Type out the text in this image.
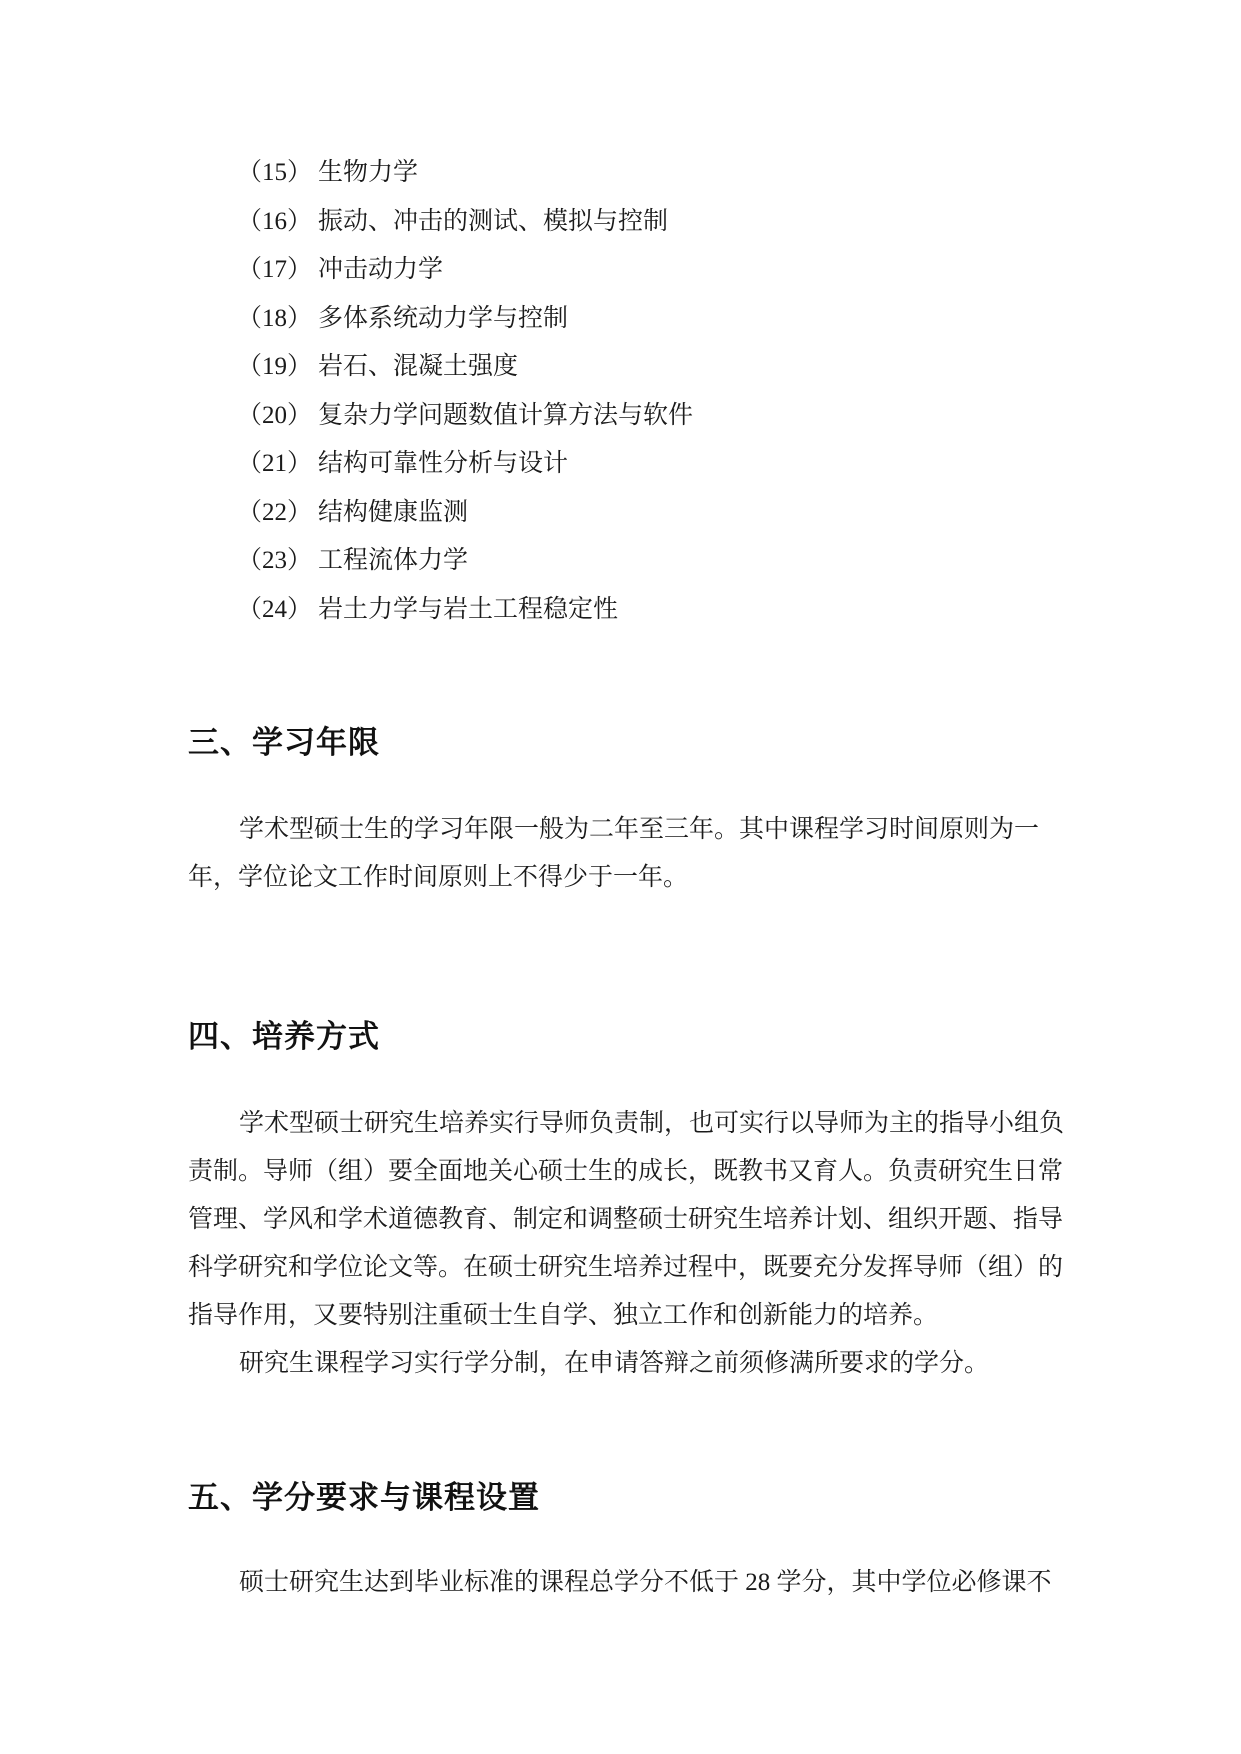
（15） 生物力学
（16） 振动、冲击的测试、模拟与控制
（17） 冲击动力学
（18） 多体系统动力学与控制
（19） 岩石、混凝土强度
（20） 复杂力学问题数值计算方法与软件
（21） 结构可靠性分析与设计
（22） 结构健康监测
（23） 工程流体力学
（24） 岩土力学与岩土工程稳定性
三、学习年限
学术型硕士生的学习年限一般为二年至三年。其中课程学习时间原则为一
年，学位论文工作时间原则上不得少于一年。
四、培养方式
学术型硕士研究生培养实行导师负责制，也可实行以导师为主的指导小组负
责制。导师（组）要全面地关心硕士生的成长，既教书又育人。负责研究生日常
管理、学风和学术道德教育、制定和调整硕士研究生培养计划、组织开题、指导
科学研究和学位论文等。在硕士研究生培养过程中，既要充分发挥导师（组）的
指导作用，又要特别注重硕士生自学、独立工作和创新能力的培养。
研究生课程学习实行学分制，在申请答辩之前须修满所要求的学分。
五、学分要求与课程设置
硕士研究生达到毕业标准的课程总学分不低于 28 学分，其中学位必修课不
